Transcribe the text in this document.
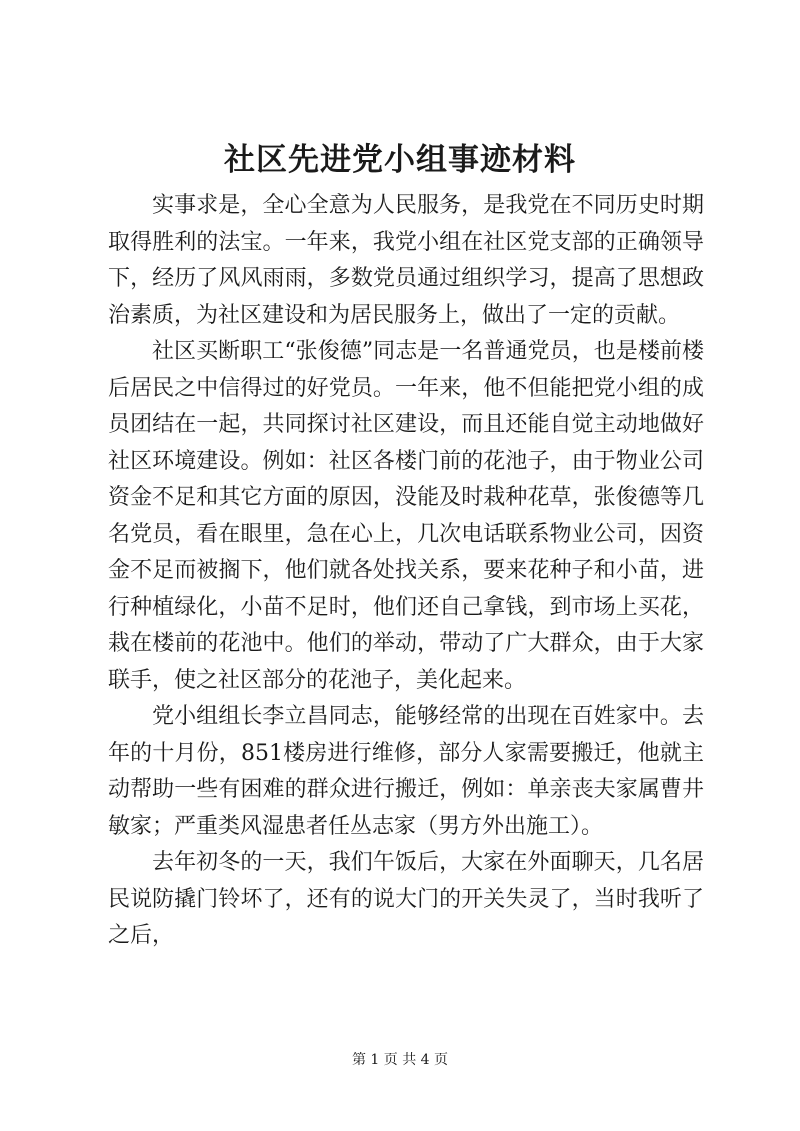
社区先进党小组事迹材料

实事求是，全心全意为人民服务，是我党在不同历史时期取得胜利的法宝。一年来，我党小组在社区党支部的正确领导下，经历了风风雨雨，多数党员通过组织学习，提高了思想政治素质，为社区建设和为居民服务上，做出了一定的贡献。

社区买断职工“张俊德”同志是一名普通党员，也是楼前楼后居民之中信得过的好党员。一年来，他不但能把党小组的成员团结在一起，共同探讨社区建设，而且还能自觉主动地做好社区环境建设。例如：社区各楼门前的花池子，由于物业公司资金不足和其它方面的原因，没能及时栽种花草，张俊德等几名党员，看在眼里，急在心上，几次电话联系物业公司，因资金不足而被搁下，他们就各处找关系，要来花种子和小苗，进行种植绿化，小苗不足时，他们还自己拿钱，到市场上买花，栽在楼前的花池中。他们的举动，带动了广大群众，由于大家联手，使之社区部分的花池子，美化起来。

党小组组长李立昌同志，能够经常的出现在百姓家中。去年的十月份，851楼房进行维修，部分人家需要搬迁，他就主动帮助一些有困难的群众进行搬迁，例如：单亲丧夫家属曹井敏家；严重类风湿患者任丛志家（男方外出施工）。

去年初冬的一天，我们午饭后，大家在外面聊天，几名居民说防撬门铃坏了，还有的说大门的开关失灵了，当时我听了之后，

第 1 页 共 4 页
